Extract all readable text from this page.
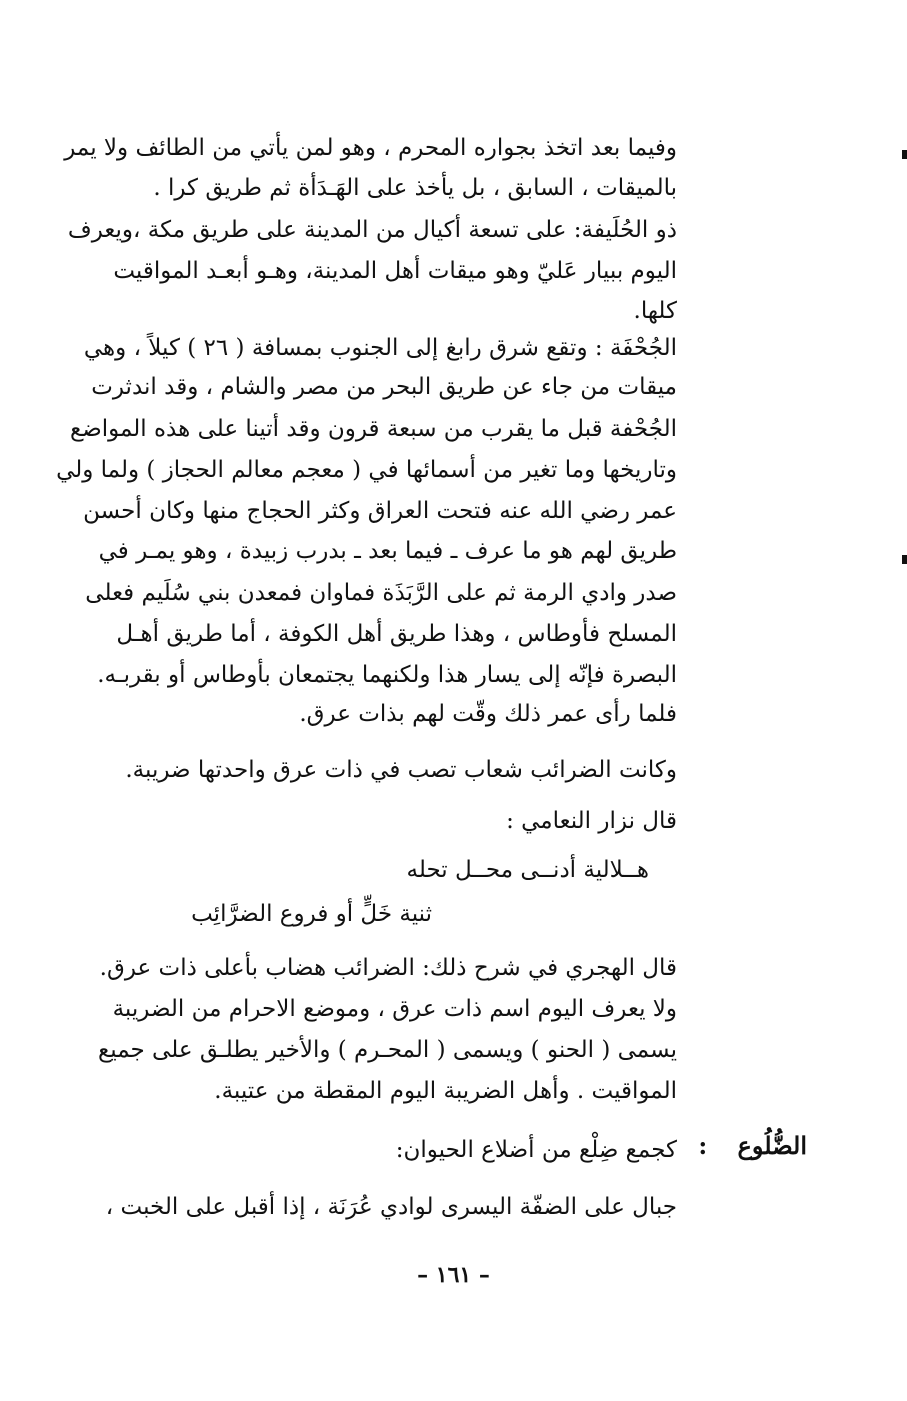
وفيما بعد اتخذ بجواره المحرم ، وهو لمن يأتي من الطائف ولا يمر
بالميقات ، السابق ، بل يأخذ على الهَـدَأة ثم طريق كرا .
ذو الحُلَيفة: على تسعة أكيال من المدينة على طريق مكة ،ويعرف
اليوم ببيار عَليّ وهو ميقات أهل المدينة، وهـو أبعـد المواقيت
كلها.
الجُحْفَة : وتقع شرق رابغ إلى الجنوب بمسافة ( ٢٦ ) كيلاً ، وهي
ميقات من جاء عن طريق البحر من مصر والشام ، وقد اندثرت
الجُحْفة قبل ما يقرب من سبعة قرون وقد أتينا على هذه المواضع
وتاريخها وما تغير من أسمائها في ( معجم معالم الحجاز ) ولما ولي
عمر رضي الله عنه فتحت العراق وكثر الحجاج منها وكان أحسن
طريق لهم هو ما عرف ـ فيما بعد ـ بدرب زبيدة ، وهو يمـر في
صدر وادي الرمة ثم على الرَّبَذَة فماوان فمعدن بني سُلَيم فعلى
المسلح فأوطاس ، وهذا طريق أهل الكوفة ، أما طريق أهـل
البصرة فإنّه إلى يسار هذا ولكنهما يجتمعان بأوطاس أو بقربـه.
فلما رأى عمر ذلك وقّت لهم بذات عرق.
وكانت الضرائب شعاب تصب في ذات عرق واحدتها ضريبة.
قال نزار النعامي :
هــلالية أدنــى محــل تحله
ثنية خَلٍّ أو فروع الضرَّائِب
قال الهجري في شرح ذلك: الضرائب هضاب بأعلى ذات عرق.
ولا يعرف اليوم اسم ذات عرق ، وموضع الاحرام من الضريبة
يسمى ( الحنو ) ويسمى ( المحـرم ) والأخير يطلـق على جميع
المواقيت . وأهل الضريبة اليوم المقطة من عتيبة.
الضُّلُوع :
كجمع ضِلْع من أضلاع الحيوان:
جبال على الضفّة اليسرى لوادي عُرَنَة ، إذا أقبل على الخبت ،
– ١٦١ –
